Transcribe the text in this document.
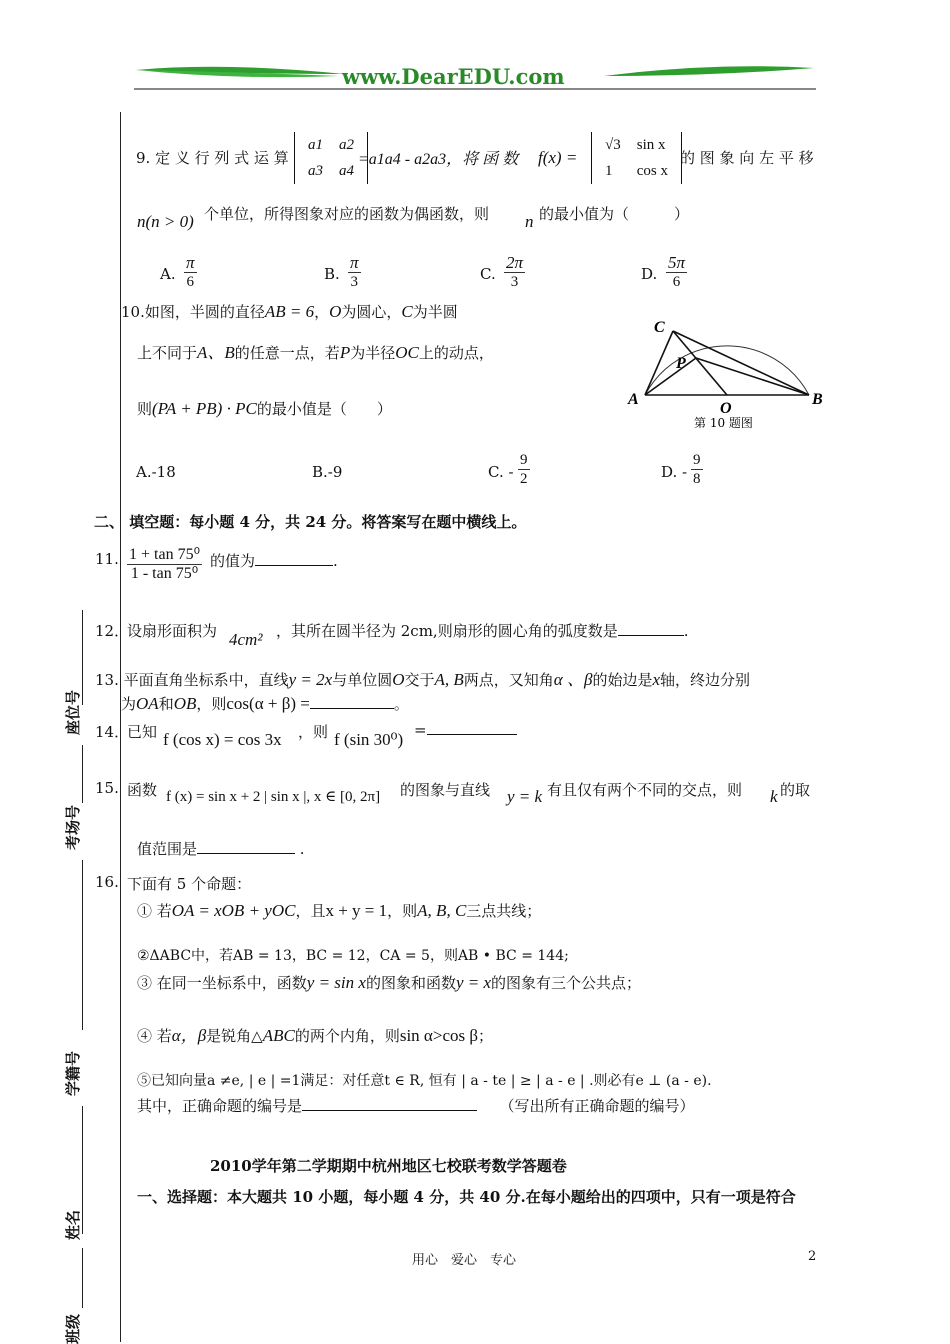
www.DearEDU.com
座位号
考场号
学籍号
姓名
班级
9. 定 义 行 列 式 运 算
a1	a2
a3	a4
=a1a4 - a2a3，将 函 数 f(x) =
√3	sin x
1	cos x
的 图 象 向 左 平 移
n(n > 0) 个单位，所得图象对应的函数为偶函数，则 n 的最小值为（　　　）
A. $\frac{\pi}{6}$	B. $\frac{\pi}{3}$	C. $\frac{2\pi}{3}$	D. $\frac{5\pi}{6}$
10.如图，半圆的直径AB = 6，O为圆心，C为半圆
上不同于A、B的任意一点，若P为半径OC上的动点，
则(PA + PB) · PC的最小值是（　　）
C
P
A
O
B
第 10 题图
A.-18	B.-9	C. - $\frac{9}{2}$	D. - $\frac{9}{8}$
二、 填空题：每小题 4 分，共 24 分。将答案写在题中横线上。
11. $\frac{\text{1 + tan 75⁰}}{\text{1 - tan 75⁰}}$ 的值为	.
12．
设扇形面积为 4cm² ，其所在圆半径为 2cm,则扇形的圆心角的弧度数是	.
13. 平面直角坐标系中，直线y = 2x与单位圆O交于A, B两点，又知角α 、β的始边是x轴，终边分别
为OA和OB，则cos(α + β) =	。
14．
已知 f (cos x) = cos 3x ，则 f (sin 30⁰) =
15. 函数 f (x) = sin x + 2 | sin x |, x ∈ [0, 2π] 的图象与直线 y = k 有且仅有两个不同的交点，则 k 的取
值范围是	.
16. 下面有 5 个命题：
① 若OA = xOB + yOC，且x + y = 1，则A, B, C三点共线；
②ΔABC中，若AB = 13，BC = 12，CA = 5，则AB • BC = 144;
③ 在同一坐标系中，函数y = sin x的图象和函数y = x的图象有三个公共点；
④ 若α，β是锐角△ABC的两个内角，则sin α>cos β；
⑤已知向量a ≠e, | e | =1满足：对任意t ∈ R, 恒有 | a - te | ≥ | a - e | .则必有e ⊥ (a - e).
其中，正确命题的编号是　　	（写出所有正确命题的编号）
2010学年第二学期期中杭州地区七校联考数学答题卷
一、选择题：本大题共 10 小题，每小题 4 分，共 40 分.在每小题给出的四项中，只有一项是符合
用心　爱心　专心	2
